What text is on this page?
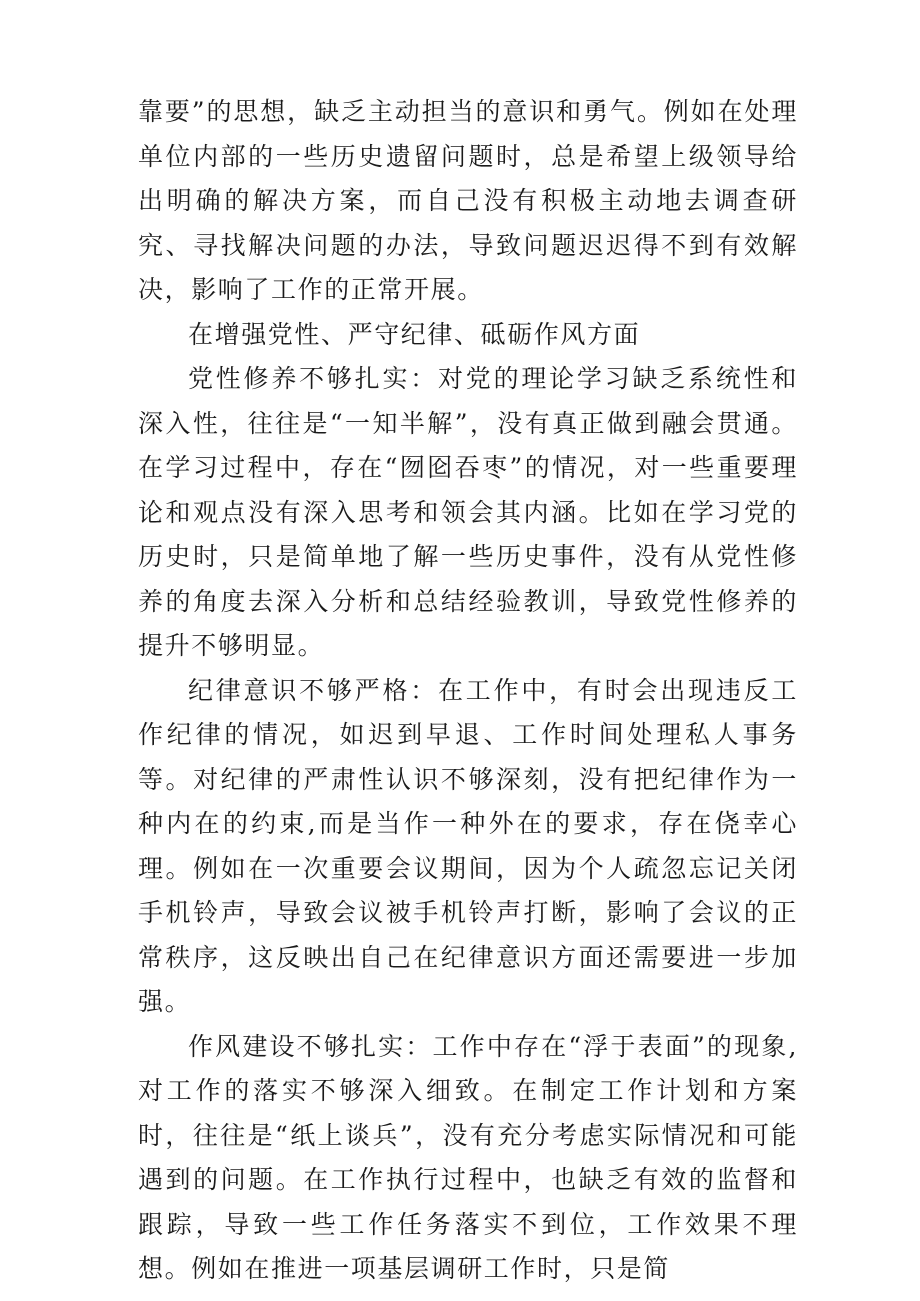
靠要”的思想，缺乏主动担当的意识和勇气。例如在处理单位内部的一些历史遗留问题时，总是希望上级领导给出明确的解决方案，而自己没有积极主动地去调查研究、寻找解决问题的办法，导致问题迟迟得不到有效解决，影响了工作的正常开展。

在增强党性、严守纪律、砥砺作风方面

党性修养不够扎实：对党的理论学习缺乏系统性和深入性，往往是“一知半解”，没有真正做到融会贯通。在学习过程中，存在“囫囵吞枣”的情况，对一些重要理论和观点没有深入思考和领会其内涵。比如在学习党的历史时，只是简单地了解一些历史事件，没有从党性修养的角度去深入分析和总结经验教训，导致党性修养的提升不够明显。

纪律意识不够严格：在工作中，有时会出现违反工作纪律的情况，如迟到早退、工作时间处理私人事务等。对纪律的严肃性认识不够深刻，没有把纪律作为一种内在的约束,而是当作一种外在的要求，存在侥幸心理。例如在一次重要会议期间，因为个人疏忽忘记关闭手机铃声，导致会议被手机铃声打断，影响了会议的正常秩序，这反映出自己在纪律意识方面还需要进一步加强。

作风建设不够扎实：工作中存在“浮于表面”的现象,对工作的落实不够深入细致。在制定工作计划和方案时，往往是“纸上谈兵”，没有充分考虑实际情况和可能遇到的问题。在工作执行过程中，也缺乏有效的监督和跟踪，导致一些工作任务落实不到位，工作效果不理想。例如在推进一项基层调研工作时，只是简
